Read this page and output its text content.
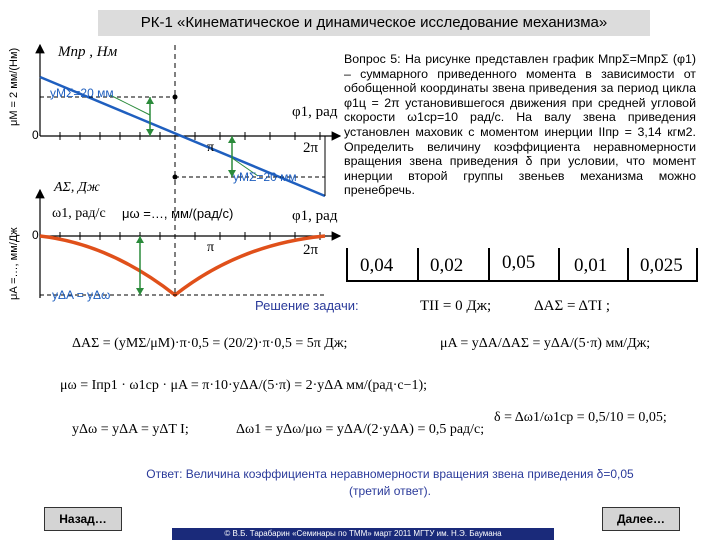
РК-1 «Кинематическое и динамическое исследование механизма»
μM = 2 мм/(Нм)
μA =…, мм/Дж
Mпр , Нм
yMΣ=20 мм
0
φ1, рад
π	2π
yMΣ=20 мм
AΣ, Дж
ω1, рад/с μω =…, мм/(рад/с)	φ1, рад
0
π	2π
yΔA = yΔω
Вопрос 5: На рисунке представлен график MпрΣ=MпрΣ (φ1) – суммарного приведенного момента в зависимости от обобщенной координаты звена приведения за период цикла φ1ц = 2π установившегося движения при средней угловой скорости ω1ср=10 рад/с. На валу звена приведения установлен маховик с моментом инерции IIпр = 3,14 кгм2. Определить величину коэффициента неравномерности вращения звена приведения δ при условии, что момент инерции второй группы звеньев механизма можно пренебречь.
0,04 0,02 0,05 0,01 0,025
Решение задачи:	TII = 0 Дж;	ΔAΣ = ΔTI ;
ΔAΣ = (yMΣ/μM)·π·0,5 = (20/2)·π·0,5 = 5π Дж;	μA = yΔA/ΔAΣ = yΔA/(5·π) мм/Дж;
μω = Iпр1 · ω1ср · μA = π·10·yΔA/(5·π) = 2·yΔA мм/(рад·с−1);
yΔω = yΔA = yΔT I;	Δω1 = yΔω/μω = yΔA/(2·yΔA) = 0,5 рад/с;
δ = Δω1/ω1ср = 0,5/10 = 0,05;
Ответ: Величина коэффициента неравномерности вращения звена приведения δ=0,05 (третий ответ).
Назад…	Далее…
© В.Б. Тарабарин «Семинары по ТММ» март 2011 МГТУ им. Н.Э. Баумана
